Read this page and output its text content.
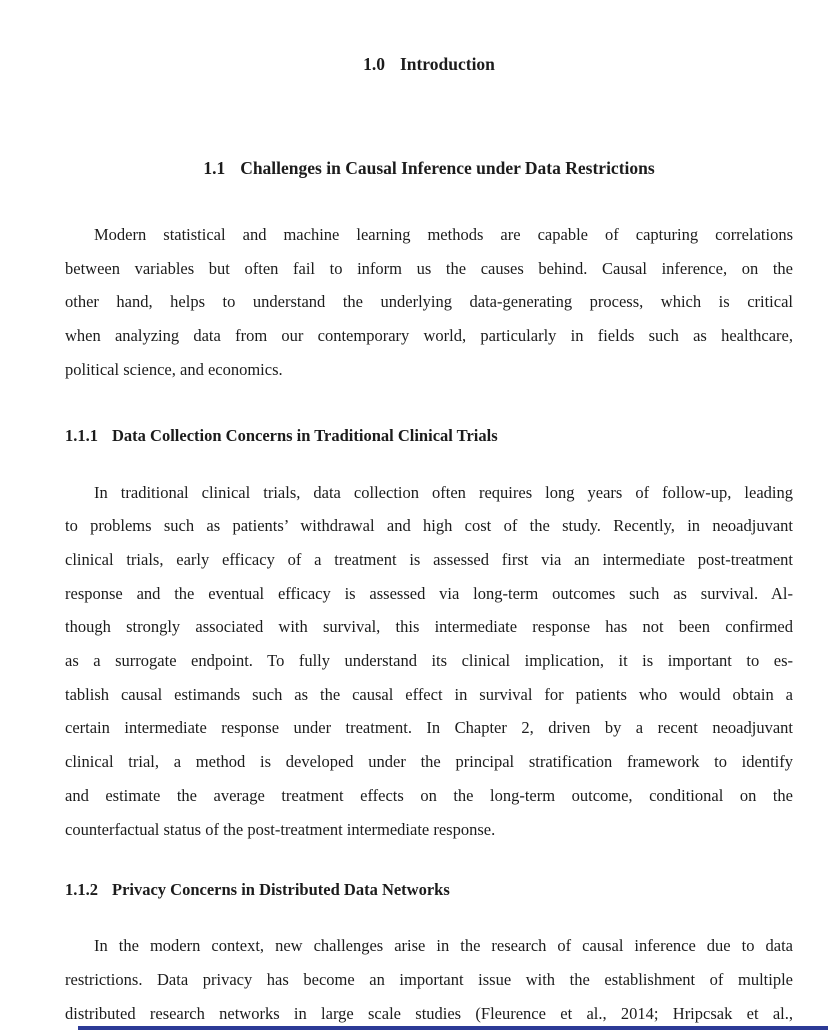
1.0 Introduction
1.1 Challenges in Causal Inference under Data Restrictions
Modern statistical and machine learning methods are capable of capturing correlations
between variables but often fail to inform us the causes behind. Causal inference, on the
other hand, helps to understand the underlying data-generating process, which is critical
when analyzing data from our contemporary world, particularly in fields such as healthcare,
political science, and economics.
1.1.1 Data Collection Concerns in Traditional Clinical Trials
In traditional clinical trials, data collection often requires long years of follow-up, leading
to problems such as patients’ withdrawal and high cost of the study. Recently, in neoadjuvant
clinical trials, early efficacy of a treatment is assessed first via an intermediate post-treatment
response and the eventual efficacy is assessed via long-term outcomes such as survival. Al-
though strongly associated with survival, this intermediate response has not been confirmed
as a surrogate endpoint. To fully understand its clinical implication, it is important to es-
tablish causal estimands such as the causal effect in survival for patients who would obtain a
certain intermediate response under treatment. In Chapter 2, driven by a recent neoadjuvant
clinical trial, a method is developed under the principal stratification framework to identify
and estimate the average treatment effects on the long-term outcome, conditional on the
counterfactual status of the post-treatment intermediate response.
1.1.2 Privacy Concerns in Distributed Data Networks
In the modern context, new challenges arise in the research of causal inference due to data
restrictions. Data privacy has become an important issue with the establishment of multiple
distributed research networks in large scale studies (Fleurence et al., 2014; Hripcsak et al.,
